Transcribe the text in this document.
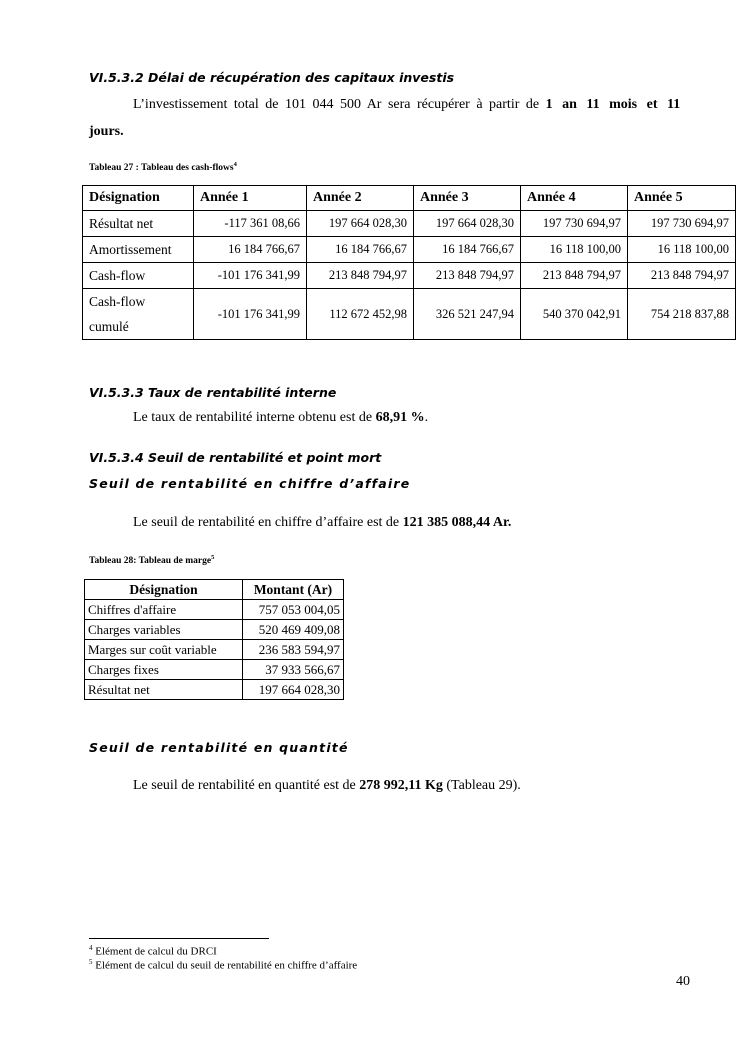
VI.5.3.2 Délai de récupération des capitaux investis
L’investissement total de 101 044 500 Ar sera récupérer à partir de 1 an 11 mois et 11
jours.
Tableau 27 : Tableau des cash-flows$^4$
Désignation	Année 1	Année 2	Année 3	Année 4	Année 5
Résultat net	-117 361 08,66	197 664 028,30	197 664 028,30	197 730 694,97	197 730 694,97
Amortissement	16 184 766,67	16 184 766,67	16 184 766,67	16 118 100,00	16 118 100,00
Cash-flow	-101 176 341,99	213 848 794,97	213 848 794,97	213 848 794,97	213 848 794,97
Cash-flow
cumulé	-101 176 341,99	112 672 452,98	326 521 247,94	540 370 042,91	754 218 837,88
VI.5.3.3 Taux de rentabilité interne
Le taux de rentabilité interne obtenu est de 68,91 %.
VI.5.3.4 Seuil de rentabilité et point mort
Seuil de rentabilité en chiffre d’affaire
Le seuil de rentabilité en chiffre d’affaire est de 121 385 088,44 Ar.
Tableau 28: Tableau de marge$^5$
Désignation	Montant (Ar)
Chiffres d'affaire	757 053 004,05
Charges variables	520 469 409,08
Marges sur coût variable	236 583 594,97
Charges fixes	37 933 566,67
Résultat net	197 664 028,30
Seuil de rentabilité en quantité
Le seuil de rentabilité en quantité est de 278 992,11 Kg (Tableau 29).
$^4$ Elément de calcul du DRCI
$^5$ Elément de calcul du seuil de rentabilité en chiffre d’affaire
40
